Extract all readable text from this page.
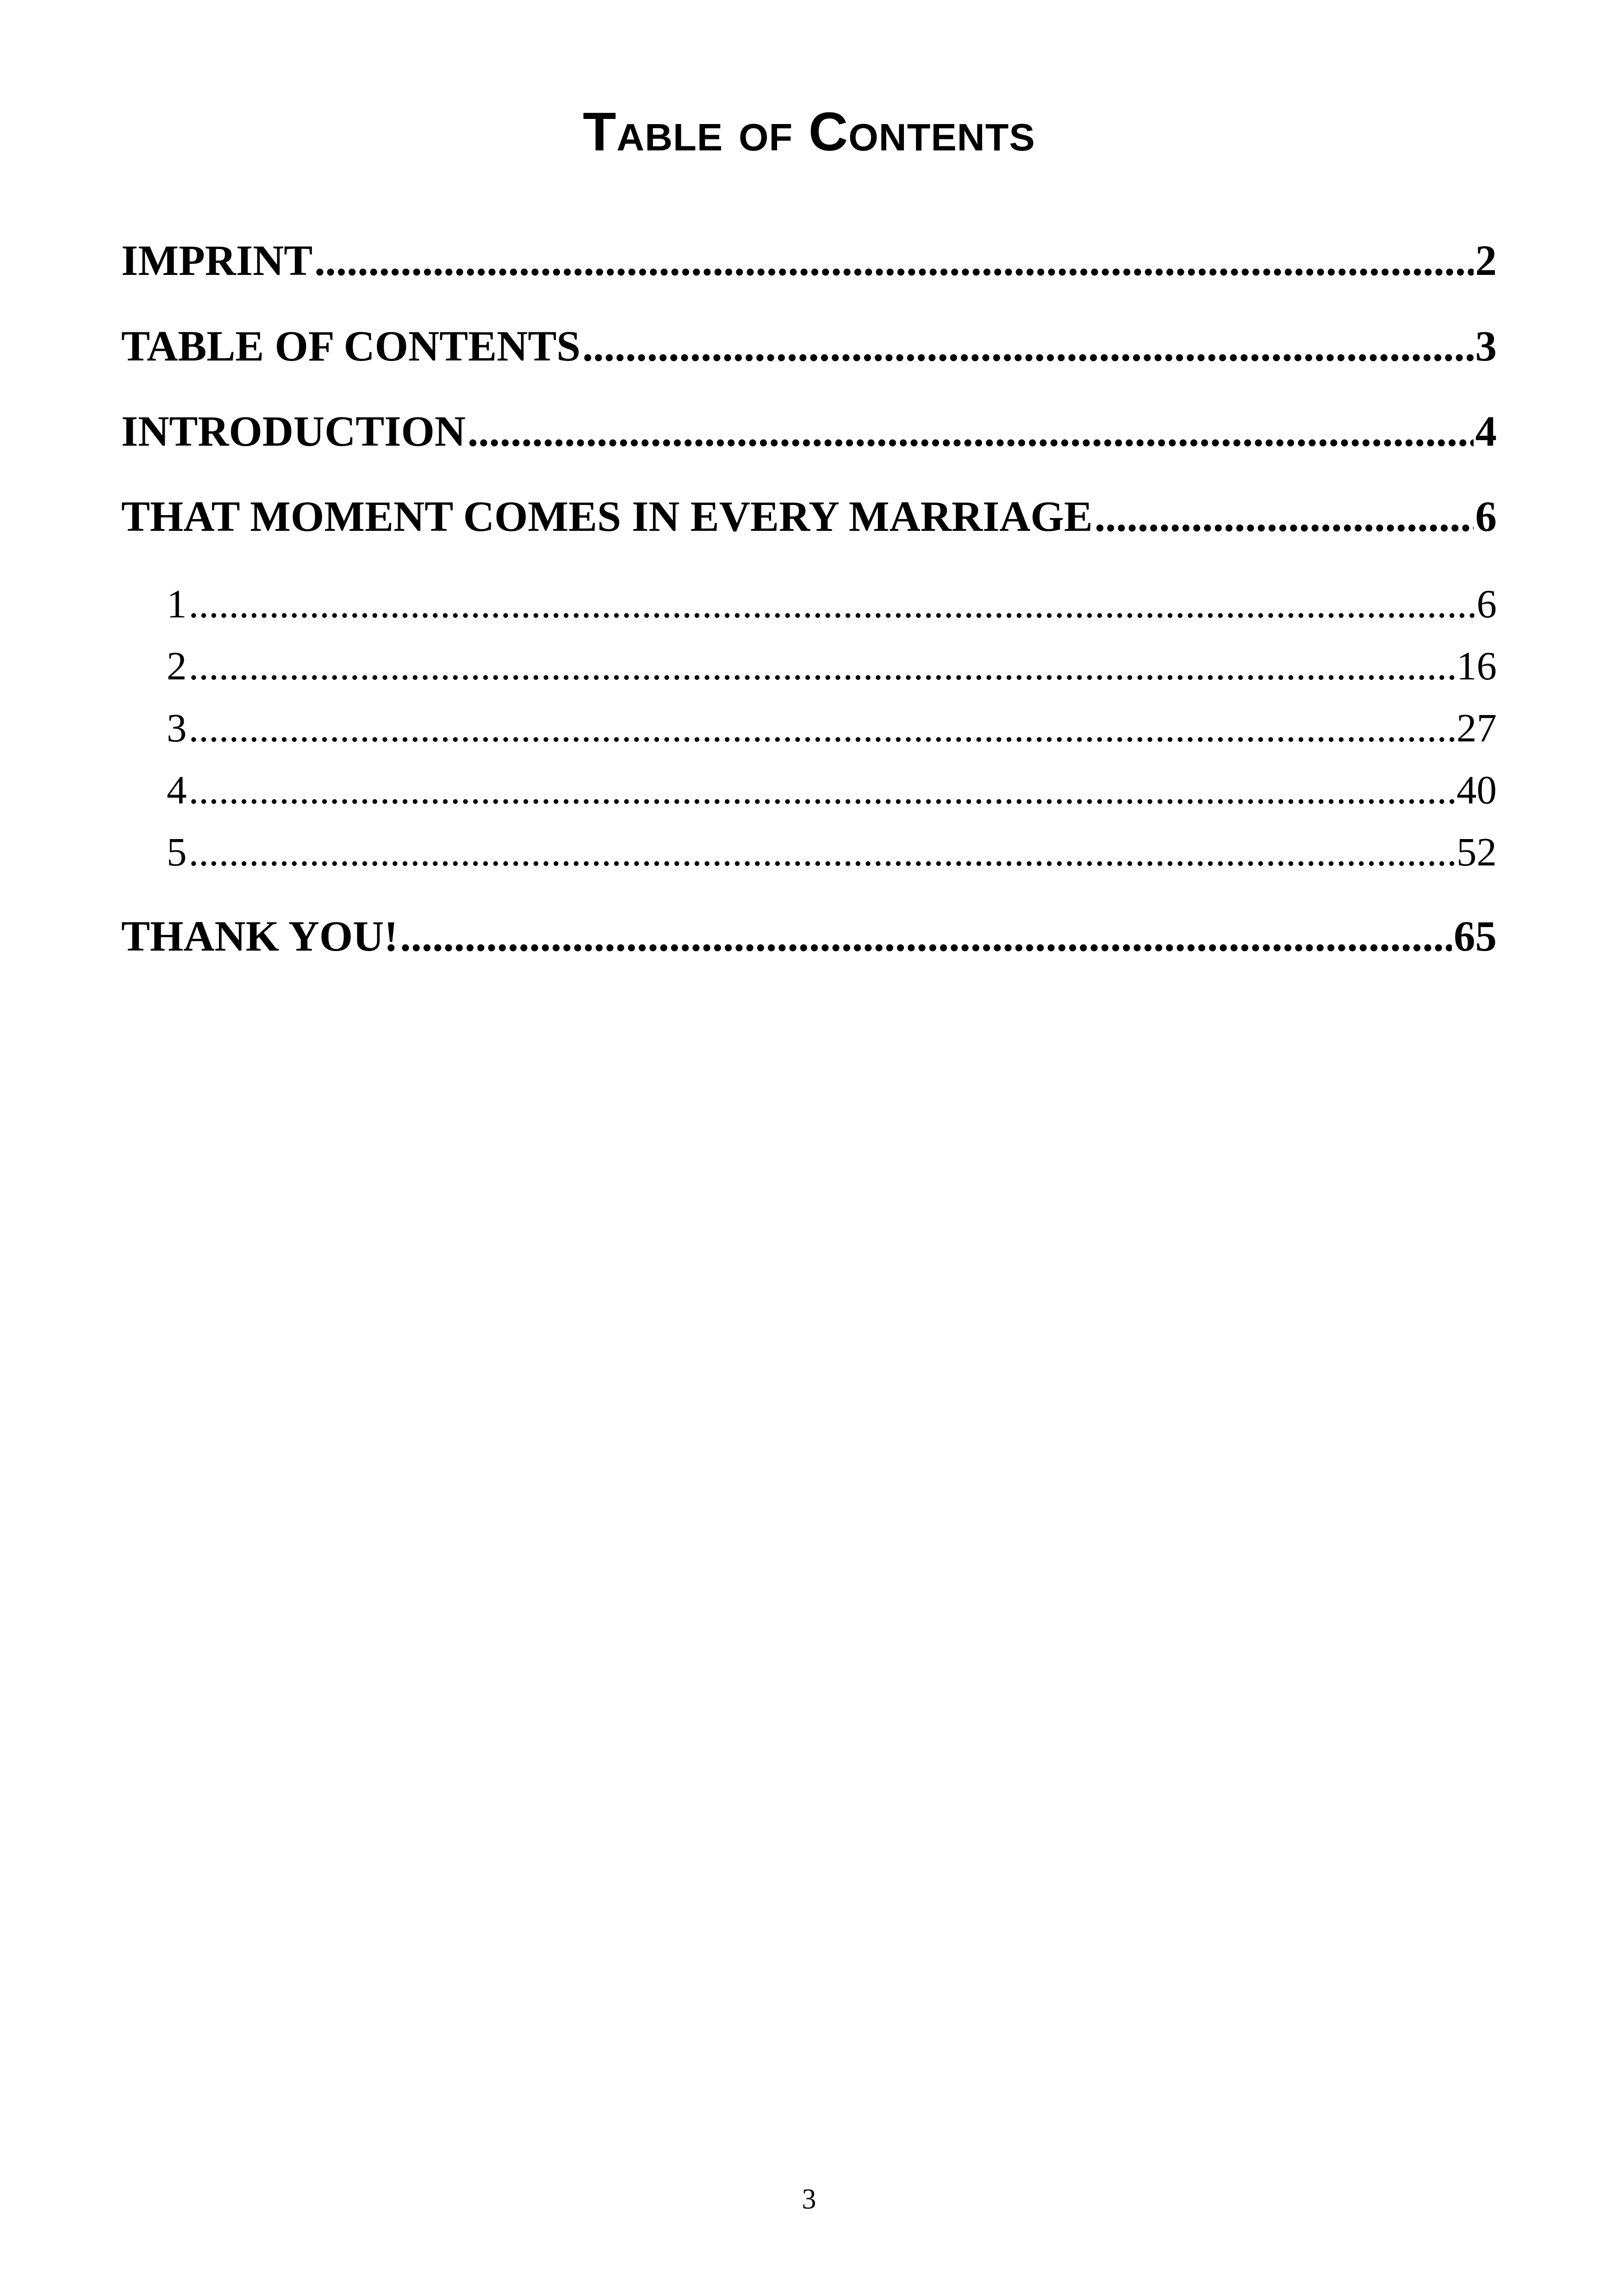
Table of Contents
IMPRINT .....	2
TABLE OF CONTENTS .....	3
INTRODUCTION .....	4
THAT MOMENT COMES IN EVERY MARRIAGE .....	6
1 .....	6
2 .....	16
3 .....	27
4 .....	40
5 .....	52
THANK YOU! .....	65
3
